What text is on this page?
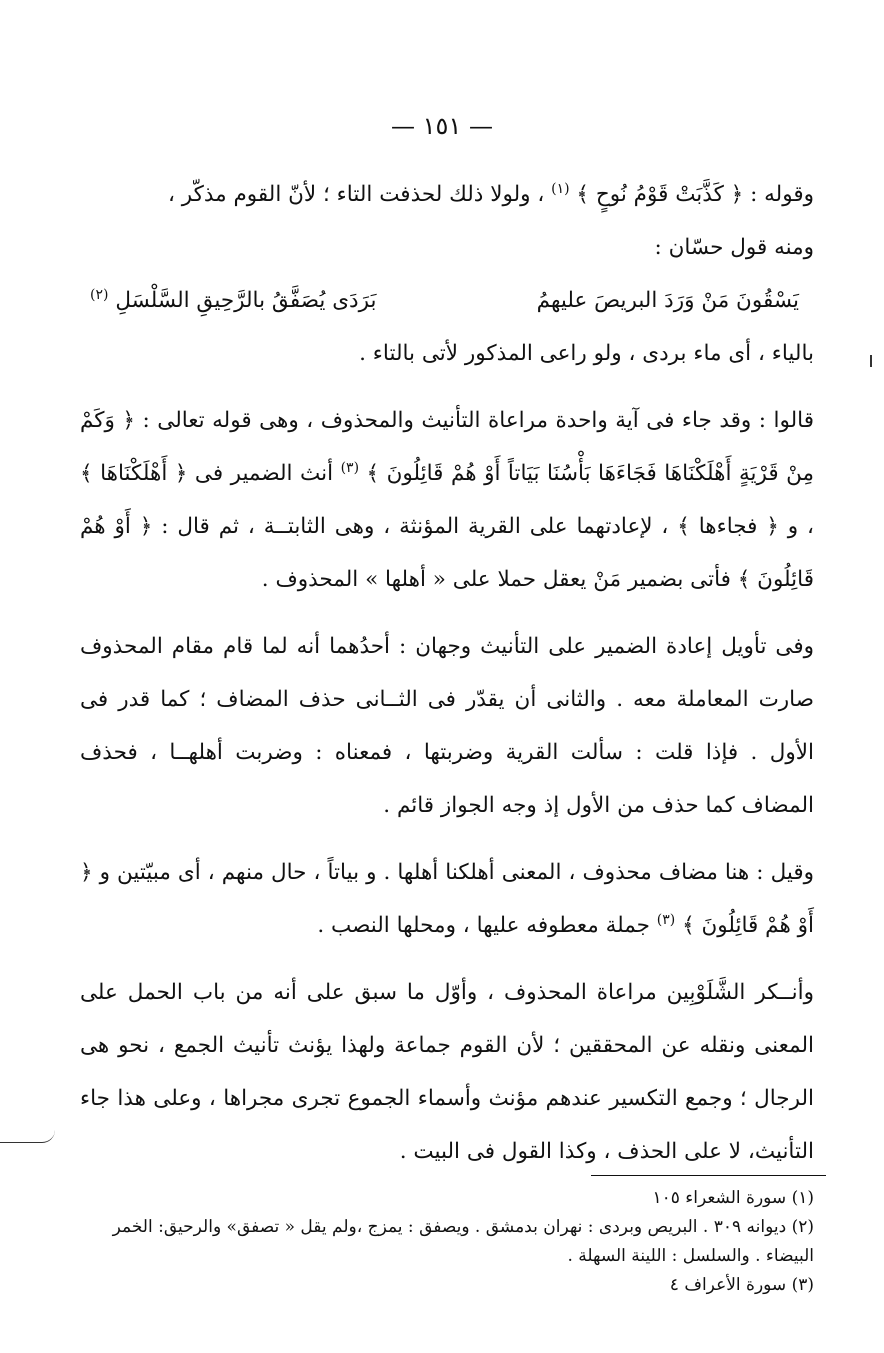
— ١٥١ —

وقوله : ﴿ كَذَّبَتْ قَوْمُ نُوحٍ ﴾ $^{(١)}$ ، ولولا ذلك لحذفت التاء ؛ لأنّ القوم مذكّر ،

ومنه قول حسّان :

يَسْقُونَ مَنْ وَرَدَ البريصَ عليهمُ
بَرَدَى يُصَفَّقُ بالرَّحِيقِ السَّلْسَلِ $^{(٢)}$

بالياء ، أى ماء بردى ، ولو راعى المذكور لأتى بالتاء .

قالوا : وقد جاء فى آية واحدة مراعاة التأنيث والمحذوف ، وهى قوله تعالى : ﴿ وَكَمْ مِنْ قَرْيَةٍ أَهْلَكْنَاهَا فَجَاءَهَا بَأْسُنَا بَيَاتاً أَوْ هُمْ قَائِلُونَ ﴾ $^{(٣)}$ أنث الضمير فى ﴿ أَهْلَكْنَاهَا ﴾ ، و ﴿ فجاءها ﴾ ، لإعادتهما على القرية المؤنثة ، وهى الثابتــة ، ثم قال : ﴿ أَوْ هُمْ قَائِلُونَ ﴾ فأتى بضمير مَنْ يعقل حملا على « أهلها » المحذوف .

وفى تأويل إعادة الضمير على التأنيث وجهان : أحدُهما أنه لما قام مقام المحذوف صارت المعاملة معه . والثانى أن يقدّر فى الثــانى حذف المضاف ؛ كما قدر فى الأول . فإذا قلت : سألت القرية وضربتها ، فمعناه : وضربت أهلهــا ، فحذف المضاف كما حذف من الأول إذ وجه الجواز قائم .

وقيل : هنا مضاف محذوف ، المعنى أهلكنا أهلها . و بياتاً ، حال منهم ، أى مبيّتين و ﴿ أَوْ هُمْ قَائِلُونَ ﴾ $^{(٣)}$ جملة معطوفه عليها ، ومحلها النصب .

وأنــكر الشَّلَوْبِين مراعاة المحذوف ، وأوّل ما سبق على أنه من باب الحمل على المعنى ونقله عن المحققين ؛ لأن القوم جماعة ولهذا يؤنث تأنيث الجمع ، نحو هى الرجال ؛ وجمع التكسير عندهم مؤنث وأسماء الجموع تجرى مجراها ، وعلى هذا جاء التأنيث، لا على الحذف ، وكذا القول فى البيت .

(١) سورة الشعراء ١٠٥

(٢) ديوانه ٣٠٩ . البريص وبردى : نهران بدمشق . ويصفق : يمزج ،ولم يقل « تصفق» والرحيق: الخمر البيضاء . والسلسل : اللينة السهلة .

(٣) سورة الأعراف ٤
